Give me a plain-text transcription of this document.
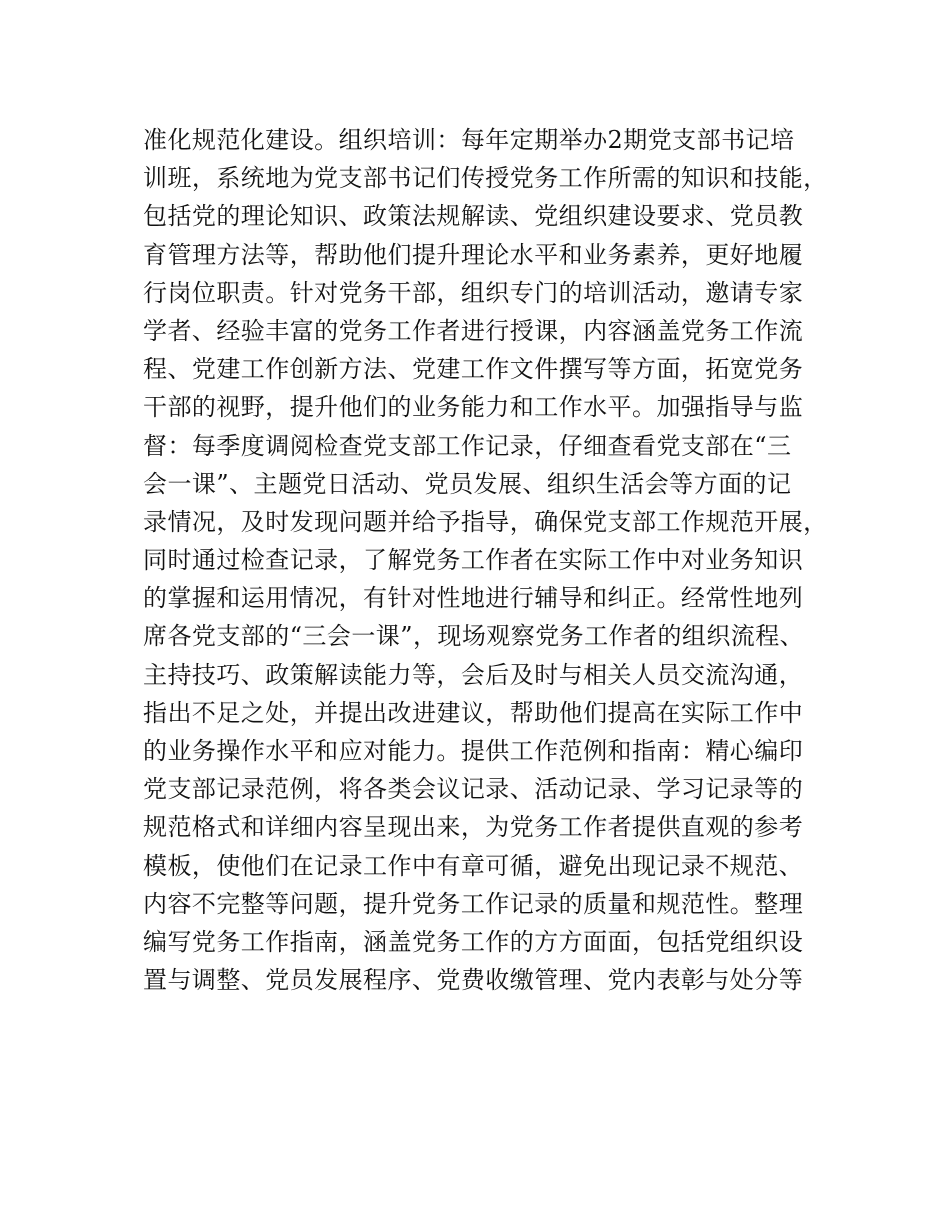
准化规范化建设。组织培训：每年定期举办2期党支部书记培
训班，系统地为党支部书记们传授党务工作所需的知识和技能，
包括党的理论知识、政策法规解读、党组织建设要求、党员教
育管理方法等，帮助他们提升理论水平和业务素养，更好地履
行岗位职责。针对党务干部，组织专门的培训活动，邀请专家
学者、经验丰富的党务工作者进行授课，内容涵盖党务工作流
程、党建工作创新方法、党建工作文件撰写等方面，拓宽党务
干部的视野，提升他们的业务能力和工作水平。加强指导与监
督：每季度调阅检查党支部工作记录，仔细查看党支部在“三
会一课”、主题党日活动、党员发展、组织生活会等方面的记
录情况，及时发现问题并给予指导，确保党支部工作规范开展，
同时通过检查记录，了解党务工作者在实际工作中对业务知识
的掌握和运用情况，有针对性地进行辅导和纠正。经常性地列
席各党支部的“三会一课”，现场观察党务工作者的组织流程、
主持技巧、政策解读能力等，会后及时与相关人员交流沟通，
指出不足之处，并提出改进建议，帮助他们提高在实际工作中
的业务操作水平和应对能力。提供工作范例和指南：精心编印
党支部记录范例，将各类会议记录、活动记录、学习记录等的
规范格式和详细内容呈现出来，为党务工作者提供直观的参考
模板，使他们在记录工作中有章可循，避免出现记录不规范、
内容不完整等问题，提升党务工作记录的质量和规范性。整理
编写党务工作指南，涵盖党务工作的方方面面，包括党组织设
置与调整、党员发展程序、党费收缴管理、党内表彰与处分等
